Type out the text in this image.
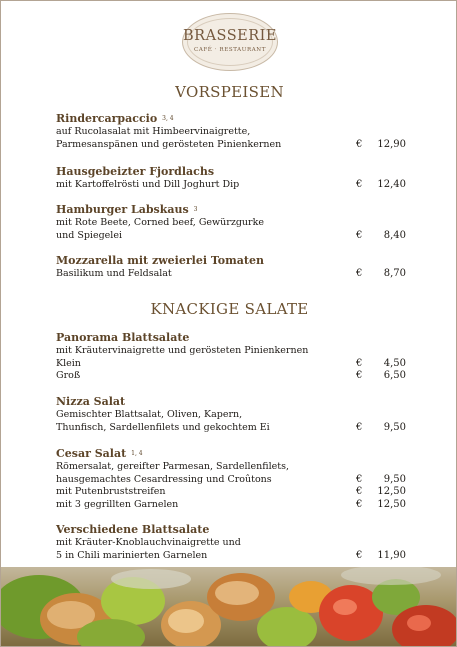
BRASSERIE
CAFÉ · RESTAURANT
VORSPEISEN
Rindercarpaccio 3, 4
auf Rucolasalat mit Himbeervinaigrette,
Parmesanspänen und gerösteten Pinienkernen	€ 12,90
Hausgebeizter Fjordlachs
mit Kartoffelrösti und Dill Joghurt Dip	€ 12,40
Hamburger Labskaus 3
mit Rote Beete, Corned beef, Gewürzgurke
und Spiegelei	€ 8,40
Mozzarella mit zweierlei Tomaten
Basilikum und Feldsalat	€ 8,70
KNACKIGE SALATE
Panorama Blattsalate
mit Kräutervinaigrette und gerösteten Pinienkernen
Klein	€ 4,50
Groß	€ 6,50
Nizza Salat
Gemischter Blattsalat, Oliven, Kapern,
Thunfisch, Sardellenfilets und gekochtem Ei	€ 9,50
Cesar Salat 1, 4
Römersalat, gereifter Parmesan, Sardellenfilets,
hausgemachtes Cesardressing und Croûtons	€ 9,50
mit Putenbruststreifen	€ 12,50
mit 3 gegrillten Garnelen	€ 12,50
Verschiedene Blattsalate
mit Kräuter-Knoblauchvinaigrette und
5 in Chili marinierten Garnelen	€ 11,90
